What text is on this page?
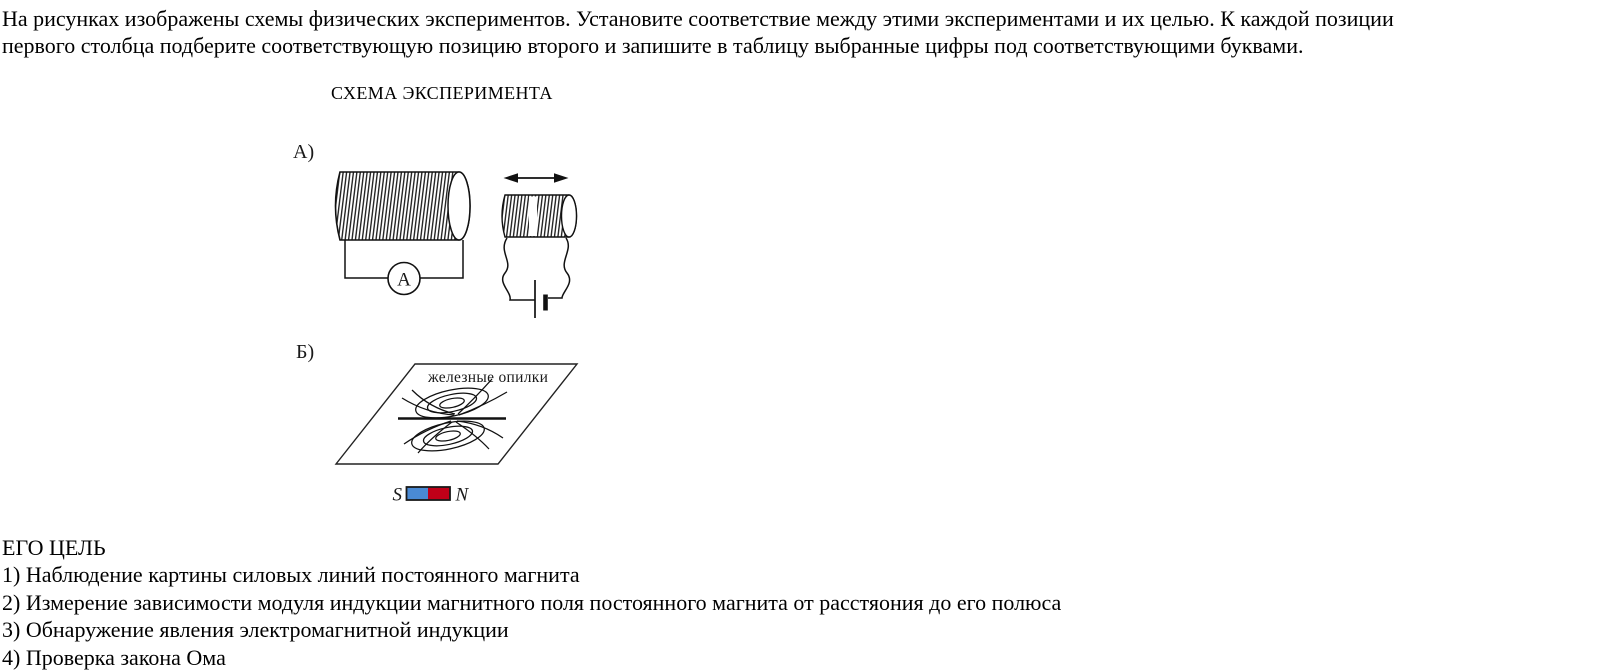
На рисунках изображены схемы физических экспериментов. Установите соответствие между этими экспериментами и их целью. К каждой позиции
первого столбца подберите соответствующую позицию второго и запишите в таблицу выбранные цифры под соответствующими буквами.
СХЕМА ЭКСПЕРИМЕНТА
А)
А
Б)
железные опилки
S	N
ЕГО ЦЕЛЬ
1) Наблюдение картины силовых линий постоянного магнита
2) Измерение зависимости модуля индукции магнитного поля постоянного магнита от расстяония до его полюса
3) Обнаружение явления электромагнитной индукции
4) Проверка закона Ома
